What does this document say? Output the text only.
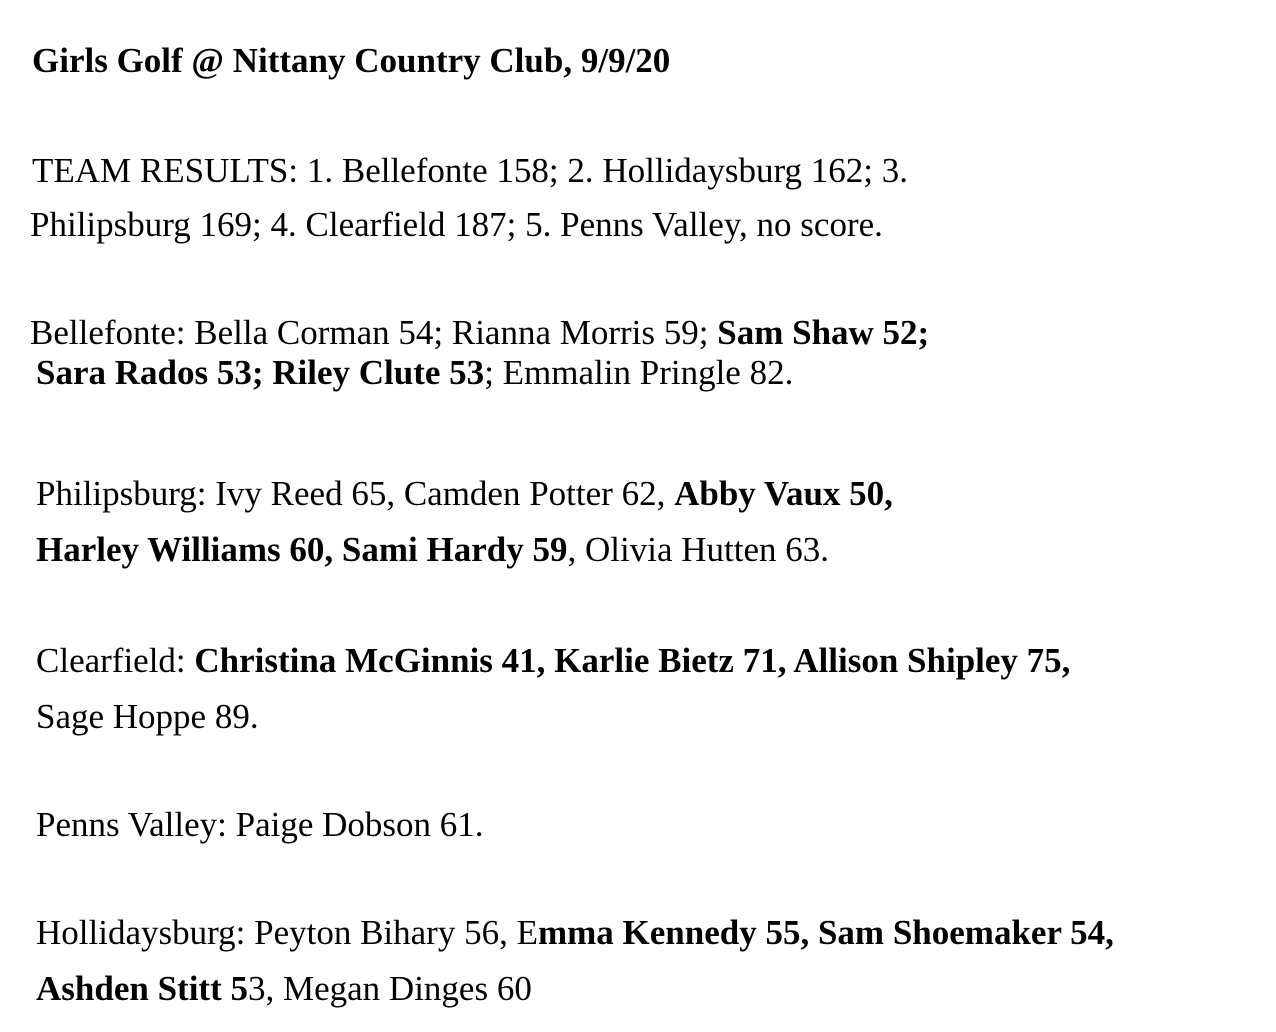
Girls Golf @ Nittany Country Club, 9/9/20
TEAM RESULTS: 1. Bellefonte 158; 2. Hollidaysburg 162; 3.
Philipsburg 169; 4. Clearfield 187; 5. Penns Valley, no score.
Bellefonte: Bella Corman 54; Rianna Morris 59; Sam Shaw 52;
Sara Rados 53; Riley Clute 53; Emmalin Pringle 82.
Philipsburg: Ivy Reed 65, Camden Potter 62, Abby Vaux 50,
Harley Williams 60, Sami Hardy 59, Olivia Hutten 63.
Clearfield: Christina McGinnis 41, Karlie Bietz 71, Allison Shipley 75,
Sage Hoppe 89.
Penns Valley: Paige Dobson 61.
Hollidaysburg: Peyton Bihary 56, Emma Kennedy 55, Sam Shoemaker 54,
Ashden Stitt 53, Megan Dinges 60
